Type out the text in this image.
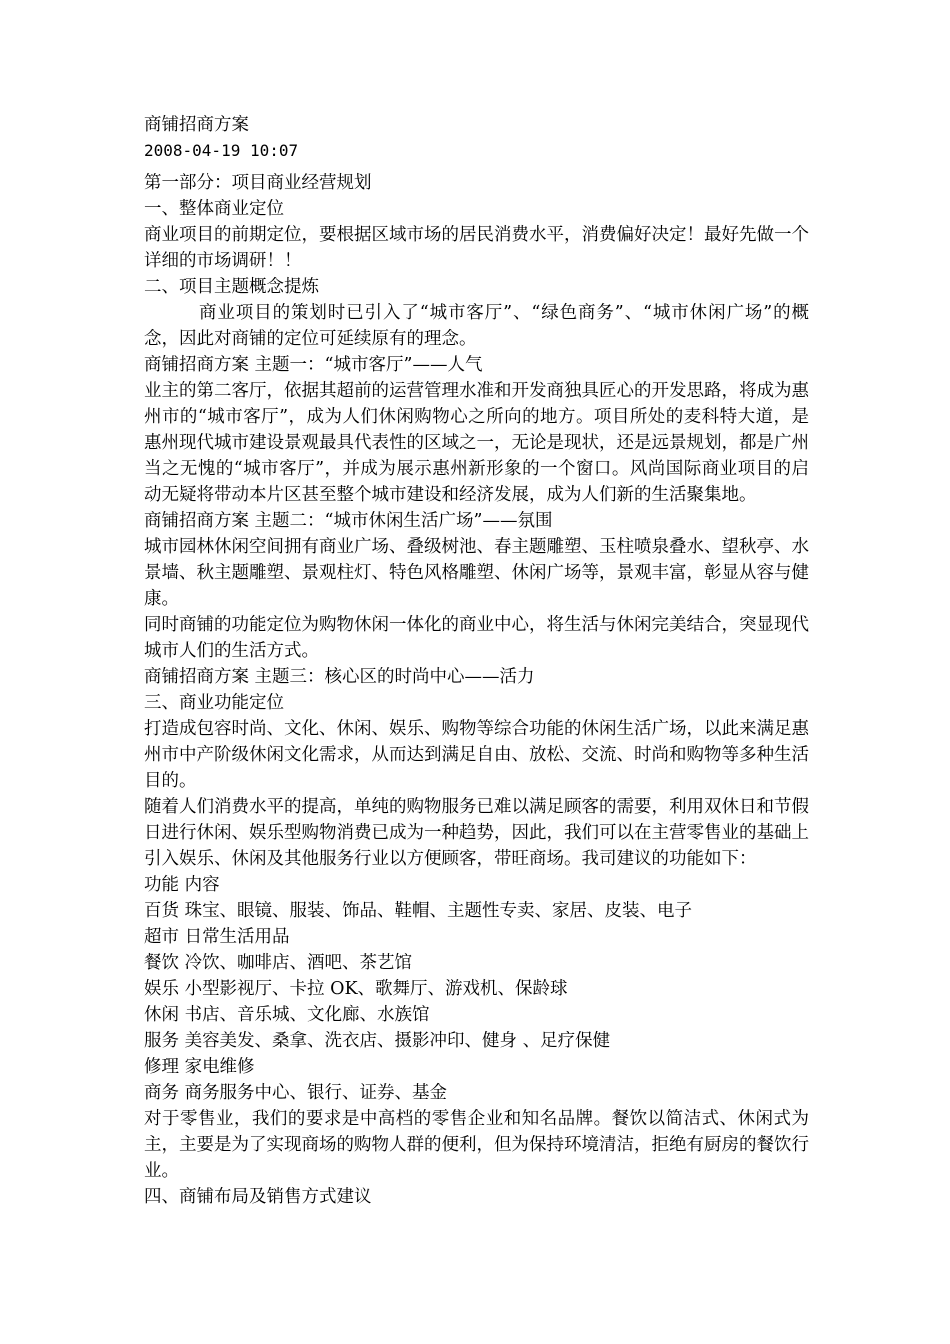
商铺招商方案

2008-04-19 10:07

第一部分：项目商业经营规划

一、整体商业定位

商业项目的前期定位，要根据区域市场的居民消费水平，消费偏好决定！最好先做一个详细的市场调研！！

二、项目主题概念提炼

商业项目的策划时已引入了“城市客厅”、“绿色商务”、“城市休闲广场”的概念，因此对商铺的定位可延续原有的理念。

商铺招商方案 主题一：“城市客厅”——人气

业主的第二客厅，依据其超前的运营管理水准和开发商独具匠心的开发思路，将成为惠州市的“城市客厅”，成为人们休闲购物心之所向的地方。项目所处的麦科特大道，是惠州现代城市建设景观最具代表性的区域之一，无论是现状，还是远景规划，都是广州当之无愧的“城市客厅”，并成为展示惠州新形象的一个窗口。风尚国际商业项目的启动无疑将带动本片区甚至整个城市建设和经济发展，成为人们新的生活聚集地。

商铺招商方案 主题二：“城市休闲生活广场”——氛围

城市园林休闲空间拥有商业广场、叠级树池、春主题雕塑、玉柱喷泉叠水、望秋亭、水景墙、秋主题雕塑、景观柱灯、特色风格雕塑、休闲广场等，景观丰富，彰显从容与健康。

同时商铺的功能定位为购物休闲一体化的商业中心，将生活与休闲完美结合，突显现代城市人们的生活方式。

商铺招商方案 主题三：核心区的时尚中心——活力

三、商业功能定位

打造成包容时尚、文化、休闲、娱乐、购物等综合功能的休闲生活广场，以此来满足惠州市中产阶级休闲文化需求，从而达到满足自由、放松、交流、时尚和购物等多种生活目的。

随着人们消费水平的提高，单纯的购物服务已难以满足顾客的需要，利用双休日和节假日进行休闲、娱乐型购物消费已成为一种趋势，因此，我们可以在主营零售业的基础上引入娱乐、休闲及其他服务行业以方便顾客，带旺商场。我司建议的功能如下：

功能 内容

百货 珠宝、眼镜、服装、饰品、鞋帽、主题性专卖、家居、皮装、电子

超市 日常生活用品

餐饮 冷饮、咖啡店、酒吧、茶艺馆

娱乐 小型影视厅、卡拉 OK、歌舞厅、游戏机、保龄球

休闲 书店、音乐城、文化廊、水族馆

服务 美容美发、桑拿、洗衣店、摄影冲印、健身 、足疗保健

修理 家电维修

商务 商务服务中心、银行、证券、基金

对于零售业，我们的要求是中高档的零售企业和知名品牌。餐饮以简洁式、休闲式为主，主要是为了实现商场的购物人群的便利，但为保持环境清洁，拒绝有厨房的餐饮行业。

四、商铺布局及销售方式建议
